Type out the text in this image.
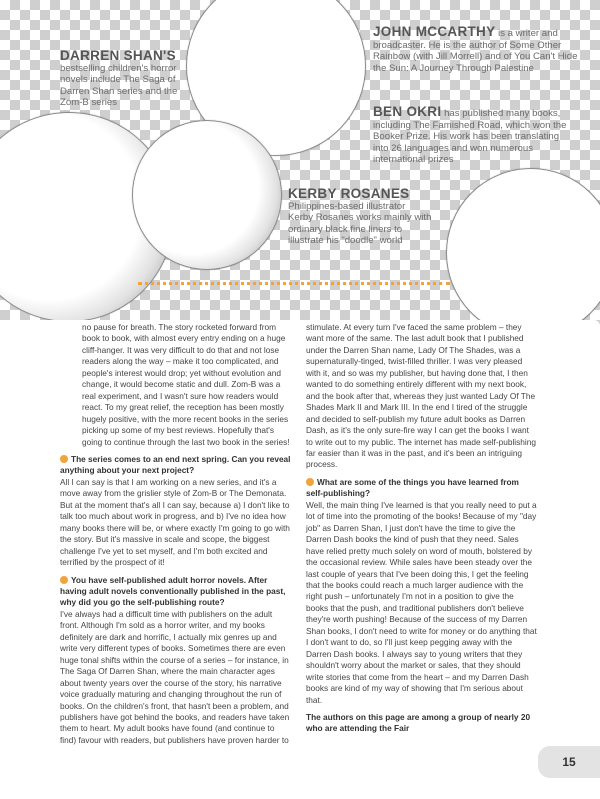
DARREN SHAN'S
bestselling children's horror novels include The Saga of Darren Shan series and the Zom-B series
JOHN MCCARTHY is a writer and broadcaster. He is the author of Some Other Rainbow (with Jill Morrell) and of You Can't Hide the Sun: A Journey Through Palestine
BEN OKRI has published many books, including The Famished Road, which won the Booker Prize. His work has been translating into 26 languages and won numerous international prizes
KERBY ROSANES
Philippines-based illustrator Kerby Rosanes works mainly with ordinary black fine liners to illustrate his "doodle" world

no pause for breath. The story rocketed forward from book to book, with almost every entry ending on a huge cliff-hanger. It was very difficult to do that and not lose readers along the way – make it too complicated, and people's interest would drop; yet without evolution and change, it would become static and dull. Zom-B was a real experiment, and I wasn't sure how readers would react. To my great relief, the reception has been mostly hugely positive, with the more recent books in the series picking up some of my best reviews. Hopefully that's going to continue through the last two book in the series!

The series comes to an end next spring. Can you reveal anything about your next project?

All I can say is that I am working on a new series, and it's a move away from the grislier style of Zom-B or The Demonata. But at the moment that's all I can say, because a) I don't like to talk too much about work in progress, and b) I've no idea how many books there will be, or where exactly I'm going to go with the story. But it's massive in scale and scope, the biggest challenge I've yet to set myself, and I'm both excited and terrified by the prospect of it!

You have self-published adult horror novels. After having adult novels conventionally published in the past, why did you go the self-publishing route?

I've always had a difficult time with publishers on the adult front. Although I'm sold as a horror writer, and my books definitely are dark and horrific, I actually mix genres up and write very different types of books. Sometimes there are even huge tonal shifts within the course of a series – for instance, in The Saga Of Darren Shan, where the main character ages about twenty years over the course of the story, his narrative voice gradually maturing and changing throughout the run of books. On the children's front, that hasn't been a problem, and publishers have got behind the books, and readers have taken them to heart. My adult books have found (and continue to find) favour with readers, but publishers have proven harder to

stimulate. At every turn I've faced the same problem – they want more of the same. The last adult book that I published under the Darren Shan name, Lady Of The Shades, was a supernaturally-tinged, twist-filled thriller. I was very pleased with it, and so was my publisher, but having done that, I then wanted to do something entirely different with my next book, and the book after that, whereas they just wanted Lady Of The Shades Mark II and Mark III. In the end I tired of the struggle and decided to self-publish my future adult books as Darren Dash, as it's the only sure-fire way I can get the books I want to write out to my public. The internet has made self-publishing far easier than it was in the past, and it's been an intriguing process.

What are some of the things you have learned from self-publishing?

Well, the main thing I've learned is that you really need to put a lot of time into the promoting of the books! Because of my "day job" as Darren Shan, I just don't have the time to give the Darren Dash books the kind of push that they need. Sales have relied pretty much solely on word of mouth, bolstered by the occasional review. While sales have been steady over the last couple of years that I've been doing this, I get the feeling that the books could reach a much larger audience with the right push – unfortunately I'm not in a position to give the books that the push, and traditional publishers don't believe they're worth pushing! Because of the success of my Darren Shan books, I don't need to write for money or do anything that I don't want to do, so I'll just keep pegging away with the Darren Dash books. I always say to young writers that they shouldn't worry about the market or sales, that they should write stories that come from the heart – and my Darren Dash books are kind of my way of showing that I'm serious about that.

The authors on this page are among a group of nearly 20 who are attending the Fair

15
